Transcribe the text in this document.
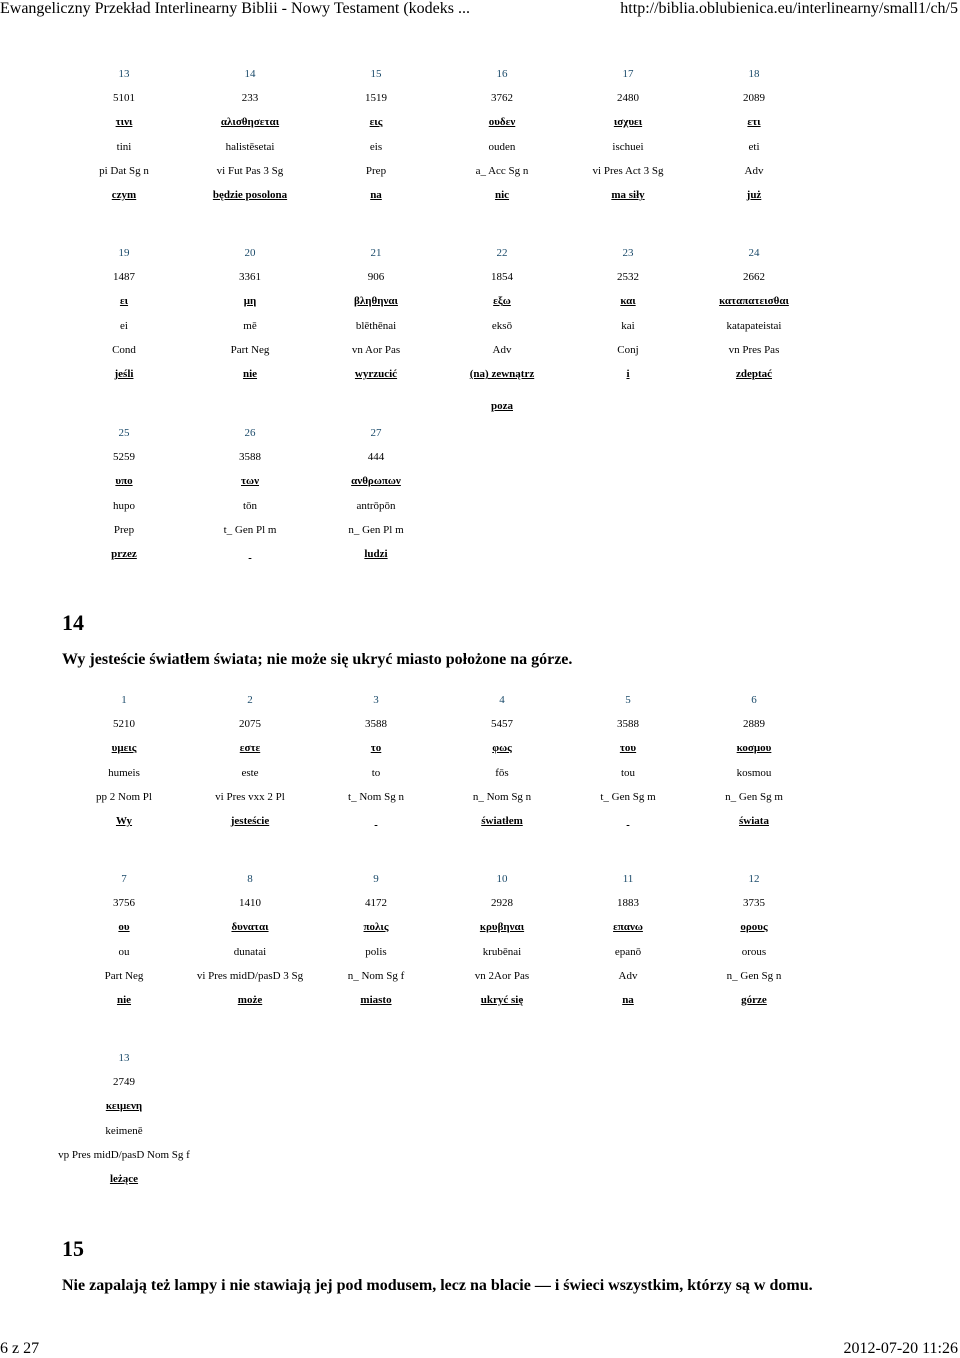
Ewangeliczny Przekład Interlinearny Biblii - Nowy Testament (kodeks ...	http://biblia.oblubienica.eu/interlinearny/small1/ch/5
13
5101
τινι
tini
pi Dat Sg n
czym
14
233
αλισθησεται
halistēsetai
vi Fut Pas 3 Sg
będzie posolona
15
1519
εις
eis
Prep
na
16
3762
ουδεν
ouden
a_ Acc Sg n
nic
17
2480
ισχυει
ischuei
vi Pres Act 3 Sg
ma siły
18
2089
ετι
eti
Adv
już
19
1487
ει
ei
Cond
jeśli
20
3361
μη
mē
Part Neg
nie
21
906
βληθηναι
blēthēnai
vn Aor Pas
wyrzucić
22
1854
εξω
eksō
Adv
(na) zewnątrz
poza
23
2532
και
kai
Conj
i
24
2662
καταπατεισθαι
katapateistai
vn Pres Pas
zdeptać
25
5259
υπο
hupo
Prep
przez
26
3588
των
tōn
t_ Gen Pl m

27
444
ανθρωπων
antrōpōn
n_ Gen Pl m
ludzi
14
Wy jesteście światłem świata; nie może się ukryć miasto położone na górze.
1
5210
υμεις
humeis
pp 2 Nom Pl
Wy
2
2075
εστε
este
vi Pres vxx 2 Pl
jesteście
3
3588
το
to
t_ Nom Sg n

4
5457
φως
fōs
n_ Nom Sg n
światłem
5
3588
του
tou
t_ Gen Sg m

6
2889
κοσμου
kosmou
n_ Gen Sg m
świata
7
3756
ου
ou
Part Neg
nie
8
1410
δυναται
dunatai
vi Pres midD/pasD 3 Sg
może
9
4172
πολις
polis
n_ Nom Sg f
miasto
10
2928
κρυβηναι
krubēnai
vn 2Aor Pas
ukryć się
11
1883
επανω
epanō
Adv
na
12
3735
ορους
orous
n_ Gen Sg n
górze
13
2749
κειμενη
keimenē
vp Pres midD/pasD Nom Sg f
leżące
15
Nie zapalają też lampy i nie stawiają jej pod modusem, lecz na blacie — i świeci wszystkim, którzy są w domu.
6 z 27	2012-07-20 11:26
